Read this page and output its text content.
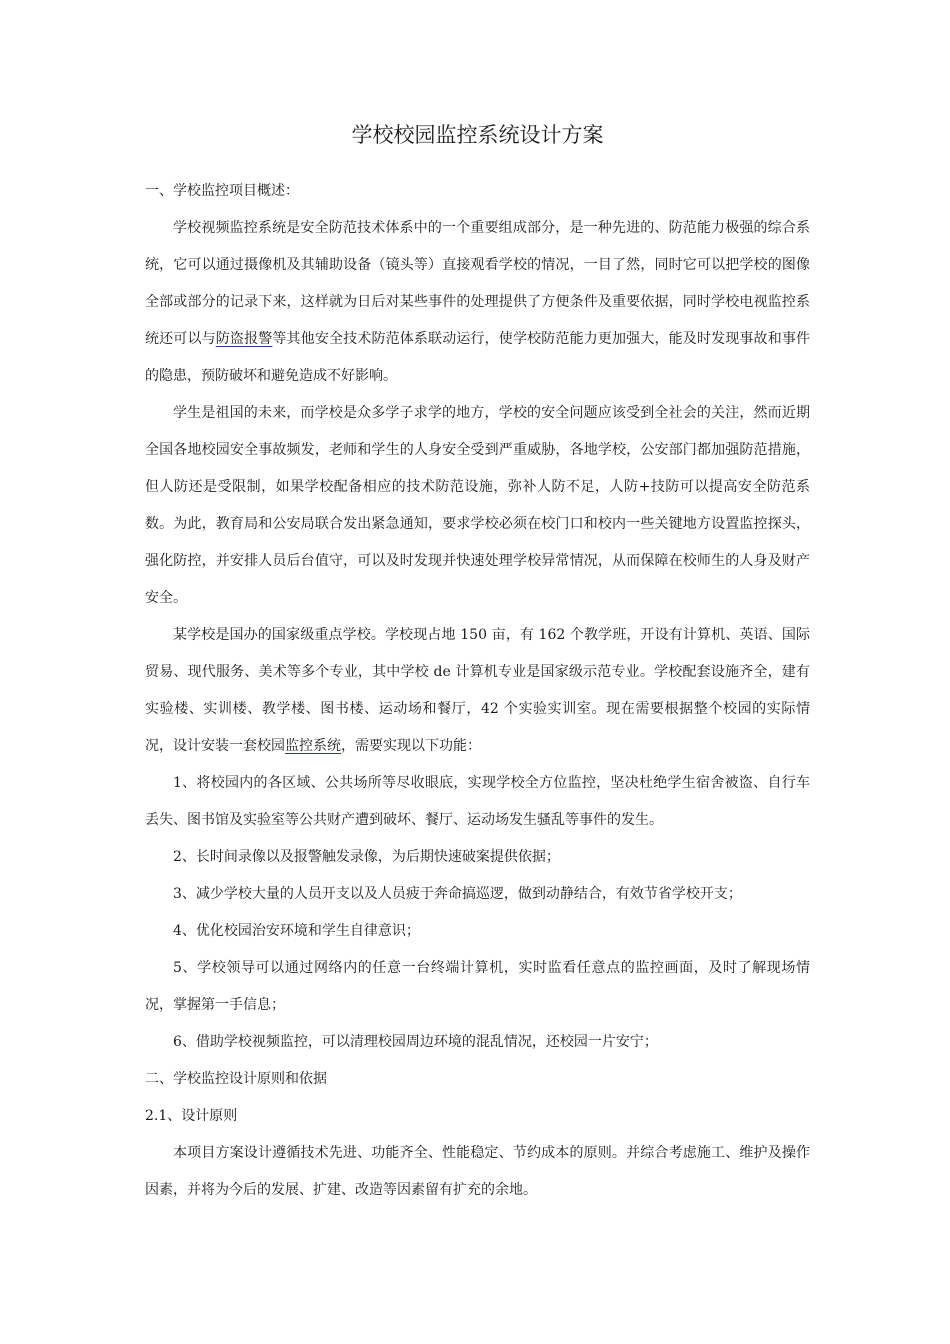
学校校园监控系统设计方案

一、学校监控项目概述：

学校视频监控系统是安全防范技术体系中的一个重要组成部分，是一种先进的、防范能力极强的综合系统，它可以通过摄像机及其辅助设备（镜头等）直接观看学校的情况，一目了然，同时它可以把学校的图像全部或部分的记录下来，这样就为日后对某些事件的处理提供了方便条件及重要依据，同时学校电视监控系统还可以与防盗报警等其他安全技术防范体系联动运行，使学校防范能力更加强大，能及时发现事故和事件的隐患，预防破坏和避免造成不好影响。

学生是祖国的未来，而学校是众多学子求学的地方，学校的安全问题应该受到全社会的关注，然而近期全国各地校园安全事故频发，老师和学生的人身安全受到严重威胁，各地学校，公安部门都加强防范措施，但人防还是受限制，如果学校配备相应的技术防范设施，弥补人防不足，人防+技防可以提高安全防范系数。为此，教育局和公安局联合发出紧急通知，要求学校必须在校门口和校内一些关键地方设置监控探头，强化防控，并安排人员后台值守，可以及时发现并快速处理学校异常情况，从而保障在校师生的人身及财产安全。

某学校是国办的国家级重点学校。学校现占地 150 亩，有 162 个教学班，开设有计算机、英语、国际贸易、现代服务、美术等多个专业，其中学校 de 计算机专业是国家级示范专业。学校配套设施齐全，建有实验楼、实训楼、教学楼、图书楼、运动场和餐厅，42 个实验实训室。现在需要根据整个校园的实际情况，设计安装一套校园监控系统，需要实现以下功能：

1、将校园内的各区域、公共场所等尽收眼底，实现学校全方位监控，坚决杜绝学生宿舍被盗、自行车丢失、图书馆及实验室等公共财产遭到破坏、餐厅、运动场发生骚乱等事件的发生。

2、长时间录像以及报警触发录像，为后期快速破案提供依据；

3、减少学校大量的人员开支以及人员疲于奔命搞巡逻，做到动静结合，有效节省学校开支；

4、优化校园治安环境和学生自律意识；

5、学校领导可以通过网络内的任意一台终端计算机，实时监看任意点的监控画面，及时了解现场情况，掌握第一手信息；

6、借助学校视频监控，可以清理校园周边环境的混乱情况，还校园一片安宁；

二、学校监控设计原则和依据

2.1、设计原则

本项目方案设计遵循技术先进、功能齐全、性能稳定、节约成本的原则。并综合考虑施工、维护及操作因素，并将为今后的发展、扩建、改造等因素留有扩充的余地。
